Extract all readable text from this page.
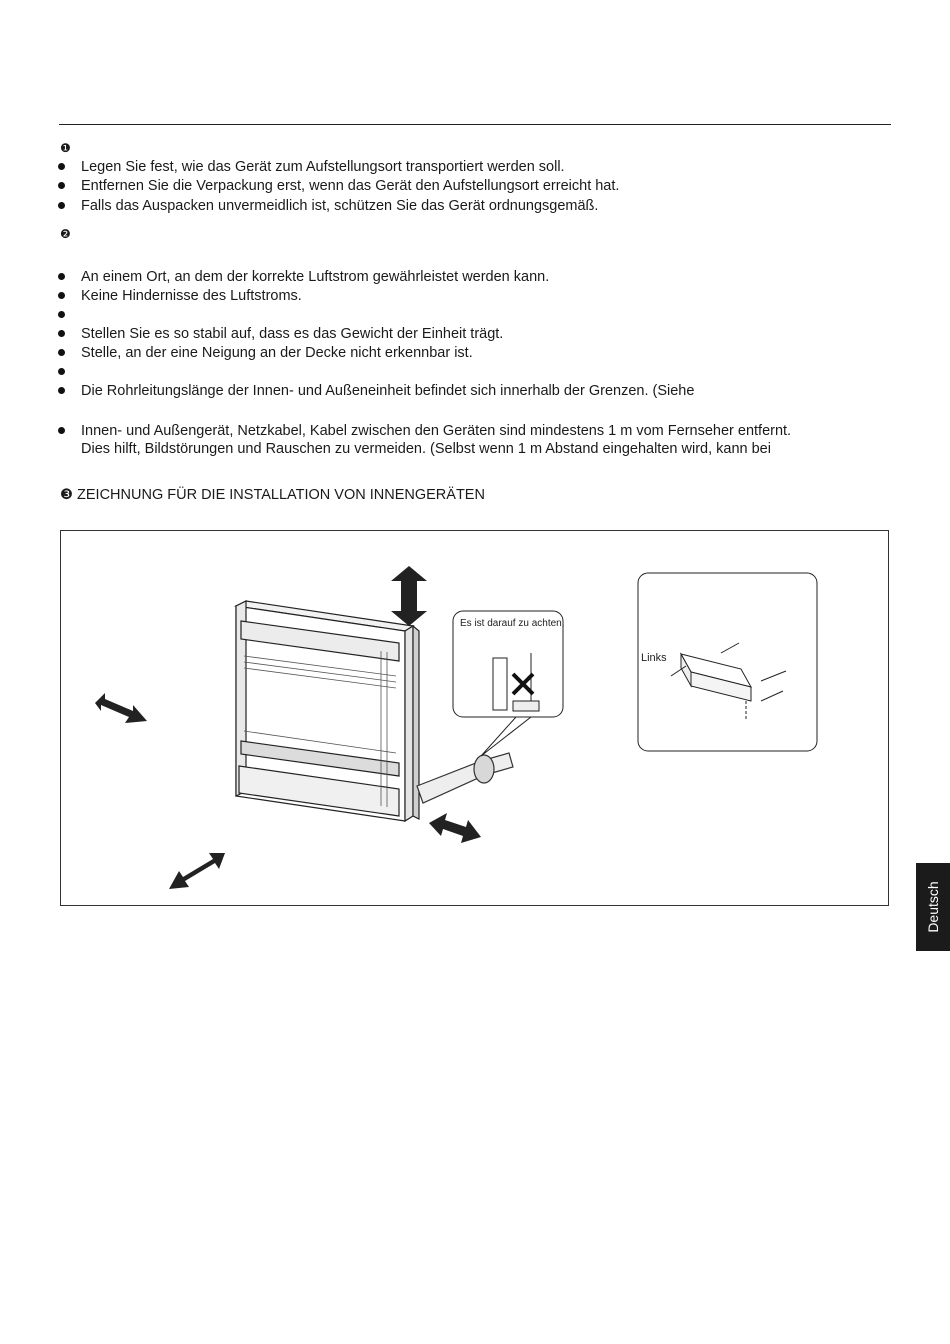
❶
Legen Sie fest, wie das Gerät zum Aufstellungsort transportiert werden soll.
Entfernen Sie die Verpackung erst, wenn das Gerät den Aufstellungsort erreicht hat.
Falls das Auspacken unvermeidlich ist, schützen Sie das Gerät ordnungsgemäß.
❷
An einem Ort, an dem der korrekte Luftstrom gewährleistet werden kann.
Keine Hindernisse des Luftstroms.
Stellen Sie es so stabil auf, dass es das Gewicht der Einheit trägt.
Stelle, an der eine Neigung an der Decke nicht erkennbar ist.
Die Rohrleitungslänge der Innen- und Außeneinheit befindet sich innerhalb der Grenzen. (Siehe
Innen- und Außengerät, Netzkabel, Kabel zwischen den Geräten sind mindestens 1 m vom Fernseher entfernt.
Dies hilft, Bildstörungen und Rauschen zu vermeiden. (Selbst wenn 1 m Abstand eingehalten wird, kann bei
❸ ZEICHNUNG FÜR DIE INSTALLATION VON INNENGERÄTEN
Es ist darauf zu achten,
Links
Deutsch
